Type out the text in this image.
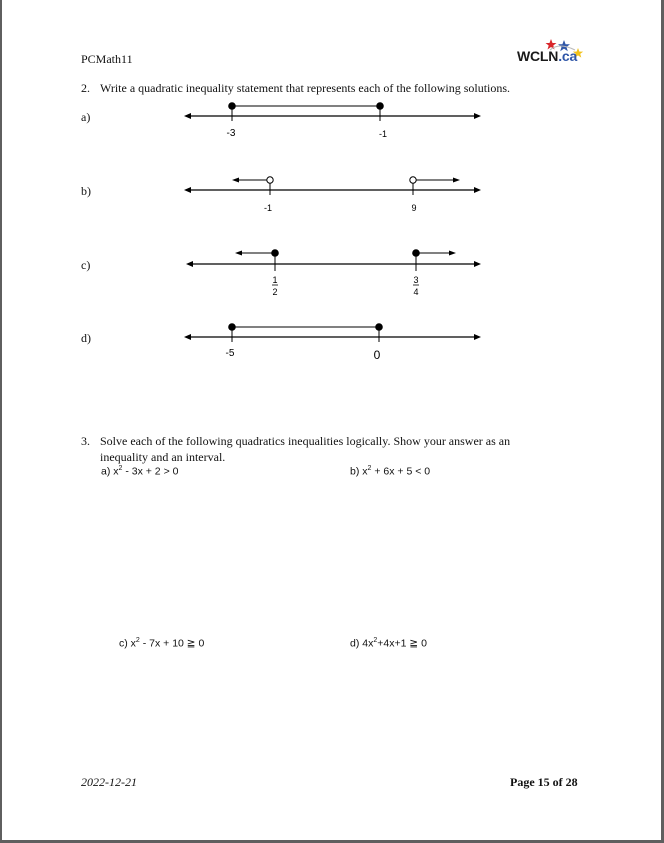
PCMath11	WCLN.ca
2. Write a quadratic inequality statement that represents each of the following solutions.
a)
b)
c)
d)
-3	-1
-1	9
1
2
3
4
-5	0
3. Solve each of the following quadratics inequalities logically. Show your answer as an
inequality and an interval.
a) $x^2 - 3x + 2 > 0$	b) $x^2 + 6x + 5 < 0$
c) $x^2 - 7x + 10$ ≧ 0	d) $4x^2+4x+1$ ≧ 0
2022-12-21	Page 15 of 28
